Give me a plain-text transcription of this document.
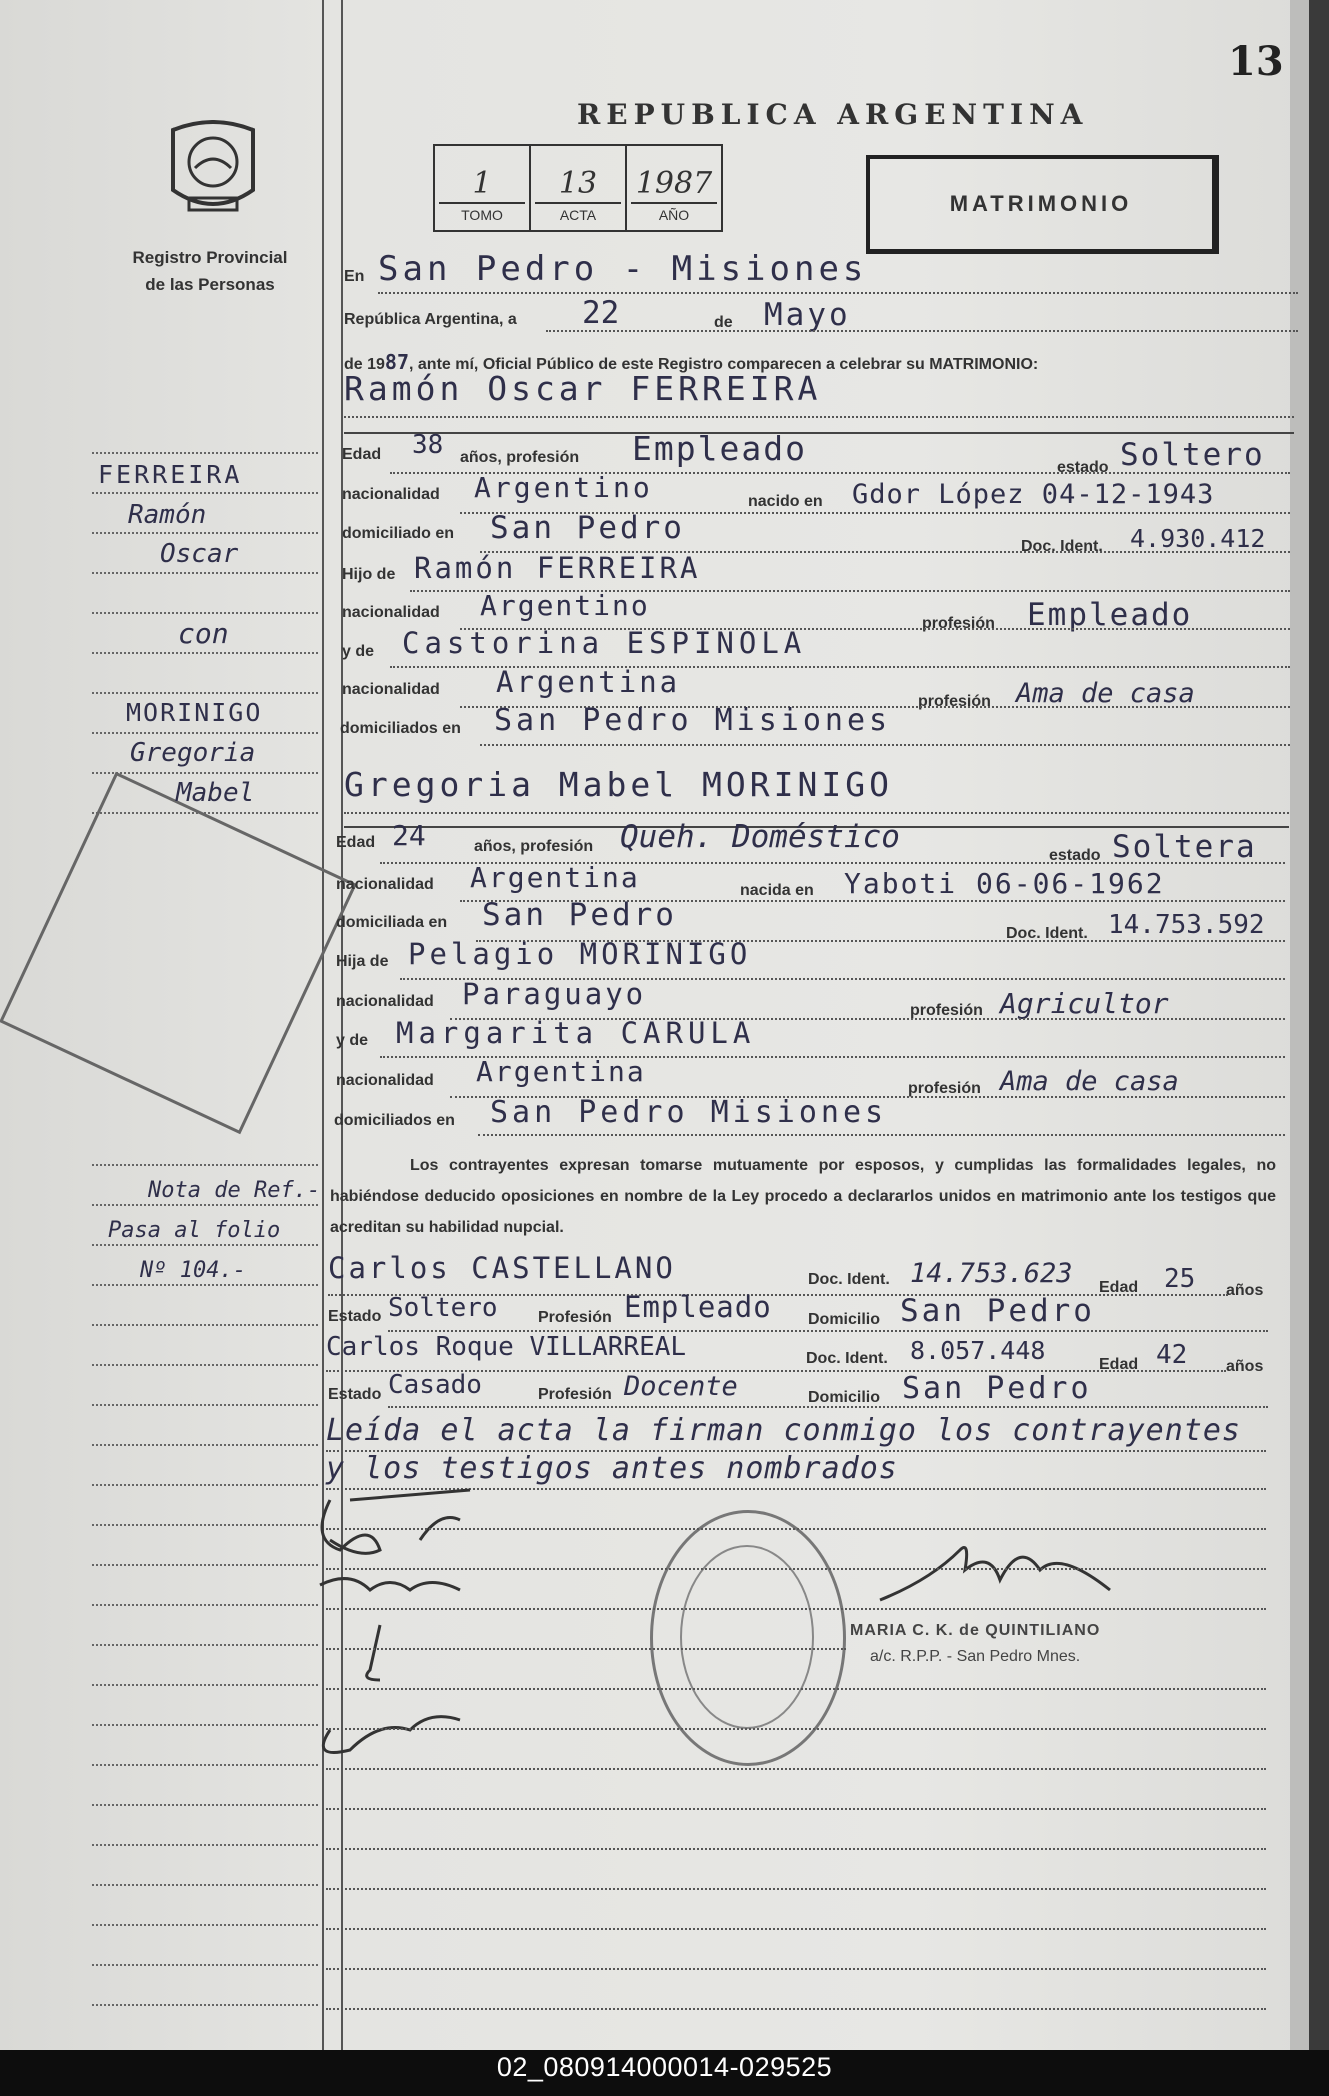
13
REPUBLICA ARGENTINA
1
TOMO
13
ACTA
1987
AÑO	MATRIMONIO
Registro Provincial
de las Personas
FERREIRA
Ramón
Oscar
con
MORINIGO
Gregoria
Mabel
Nota de Ref.-
Pasa al folio
Nº 104.-
En San Pedro - Misiones
República Argentina, a 22	de Mayo
de 1987, ante mí, Oficial Público de este Registro comparecen a celebrar su MATRIMONIO:
Ramón Oscar FERREIRA
Edad 38 años, profesión Empleado	estado Soltero
nacionalidad Argentino	nacido en Gdor López 04-12-1943
domiciliado en San Pedro
Doc. Ident. 4.930.412
Hijo de Ramón FERREIRA
nacionalidad Argentino
profesión Empleado
y de Castorina ESPINOLA
nacionalidad Argentina
profesión Ama de casa
domiciliados en San Pedro Misiones
Gregoria Mabel MORINIGO
Edad 24	años, profesión Queh. Doméstico
estado Soltera
nacionalidad Argentina	nacida en Yaboti 06-06-1962
domiciliada en San Pedro
Doc. Ident. 14.753.592
Hija de Pelagio MORINIGO
nacionalidad Paraguayo	profesión Agricultor
y de Margarita CARULA
nacionalidad Argentina
profesión Ama de casa
domiciliados en San Pedro Misiones
Los contrayentes expresan tomarse mutuamente por esposos, y cumplidas las formalidades legales, no habiéndose deducido oposiciones en nombre de la Ley procedo a declararlos unidos en matrimonio ante los testigos que acreditan su habilidad nupcial.
Carlos CASTELLANO	Doc. Ident. 14.753.623 Edad 25 años
Estado Soltero	Profesión Empleado Domicilio San Pedro
Carlos Roque VILLARREAL	Doc. Ident. 8.057.448	Edad 42 años
Estado Casado	Profesión Docente	Domicilio San Pedro
Leída el acta la firman conmigo los contrayentes
y los testigos antes nombrados
MARIA C. K. de QUINTILIANO
a/c. R.P.P. - San Pedro Mnes.
02_080914000014-029525
